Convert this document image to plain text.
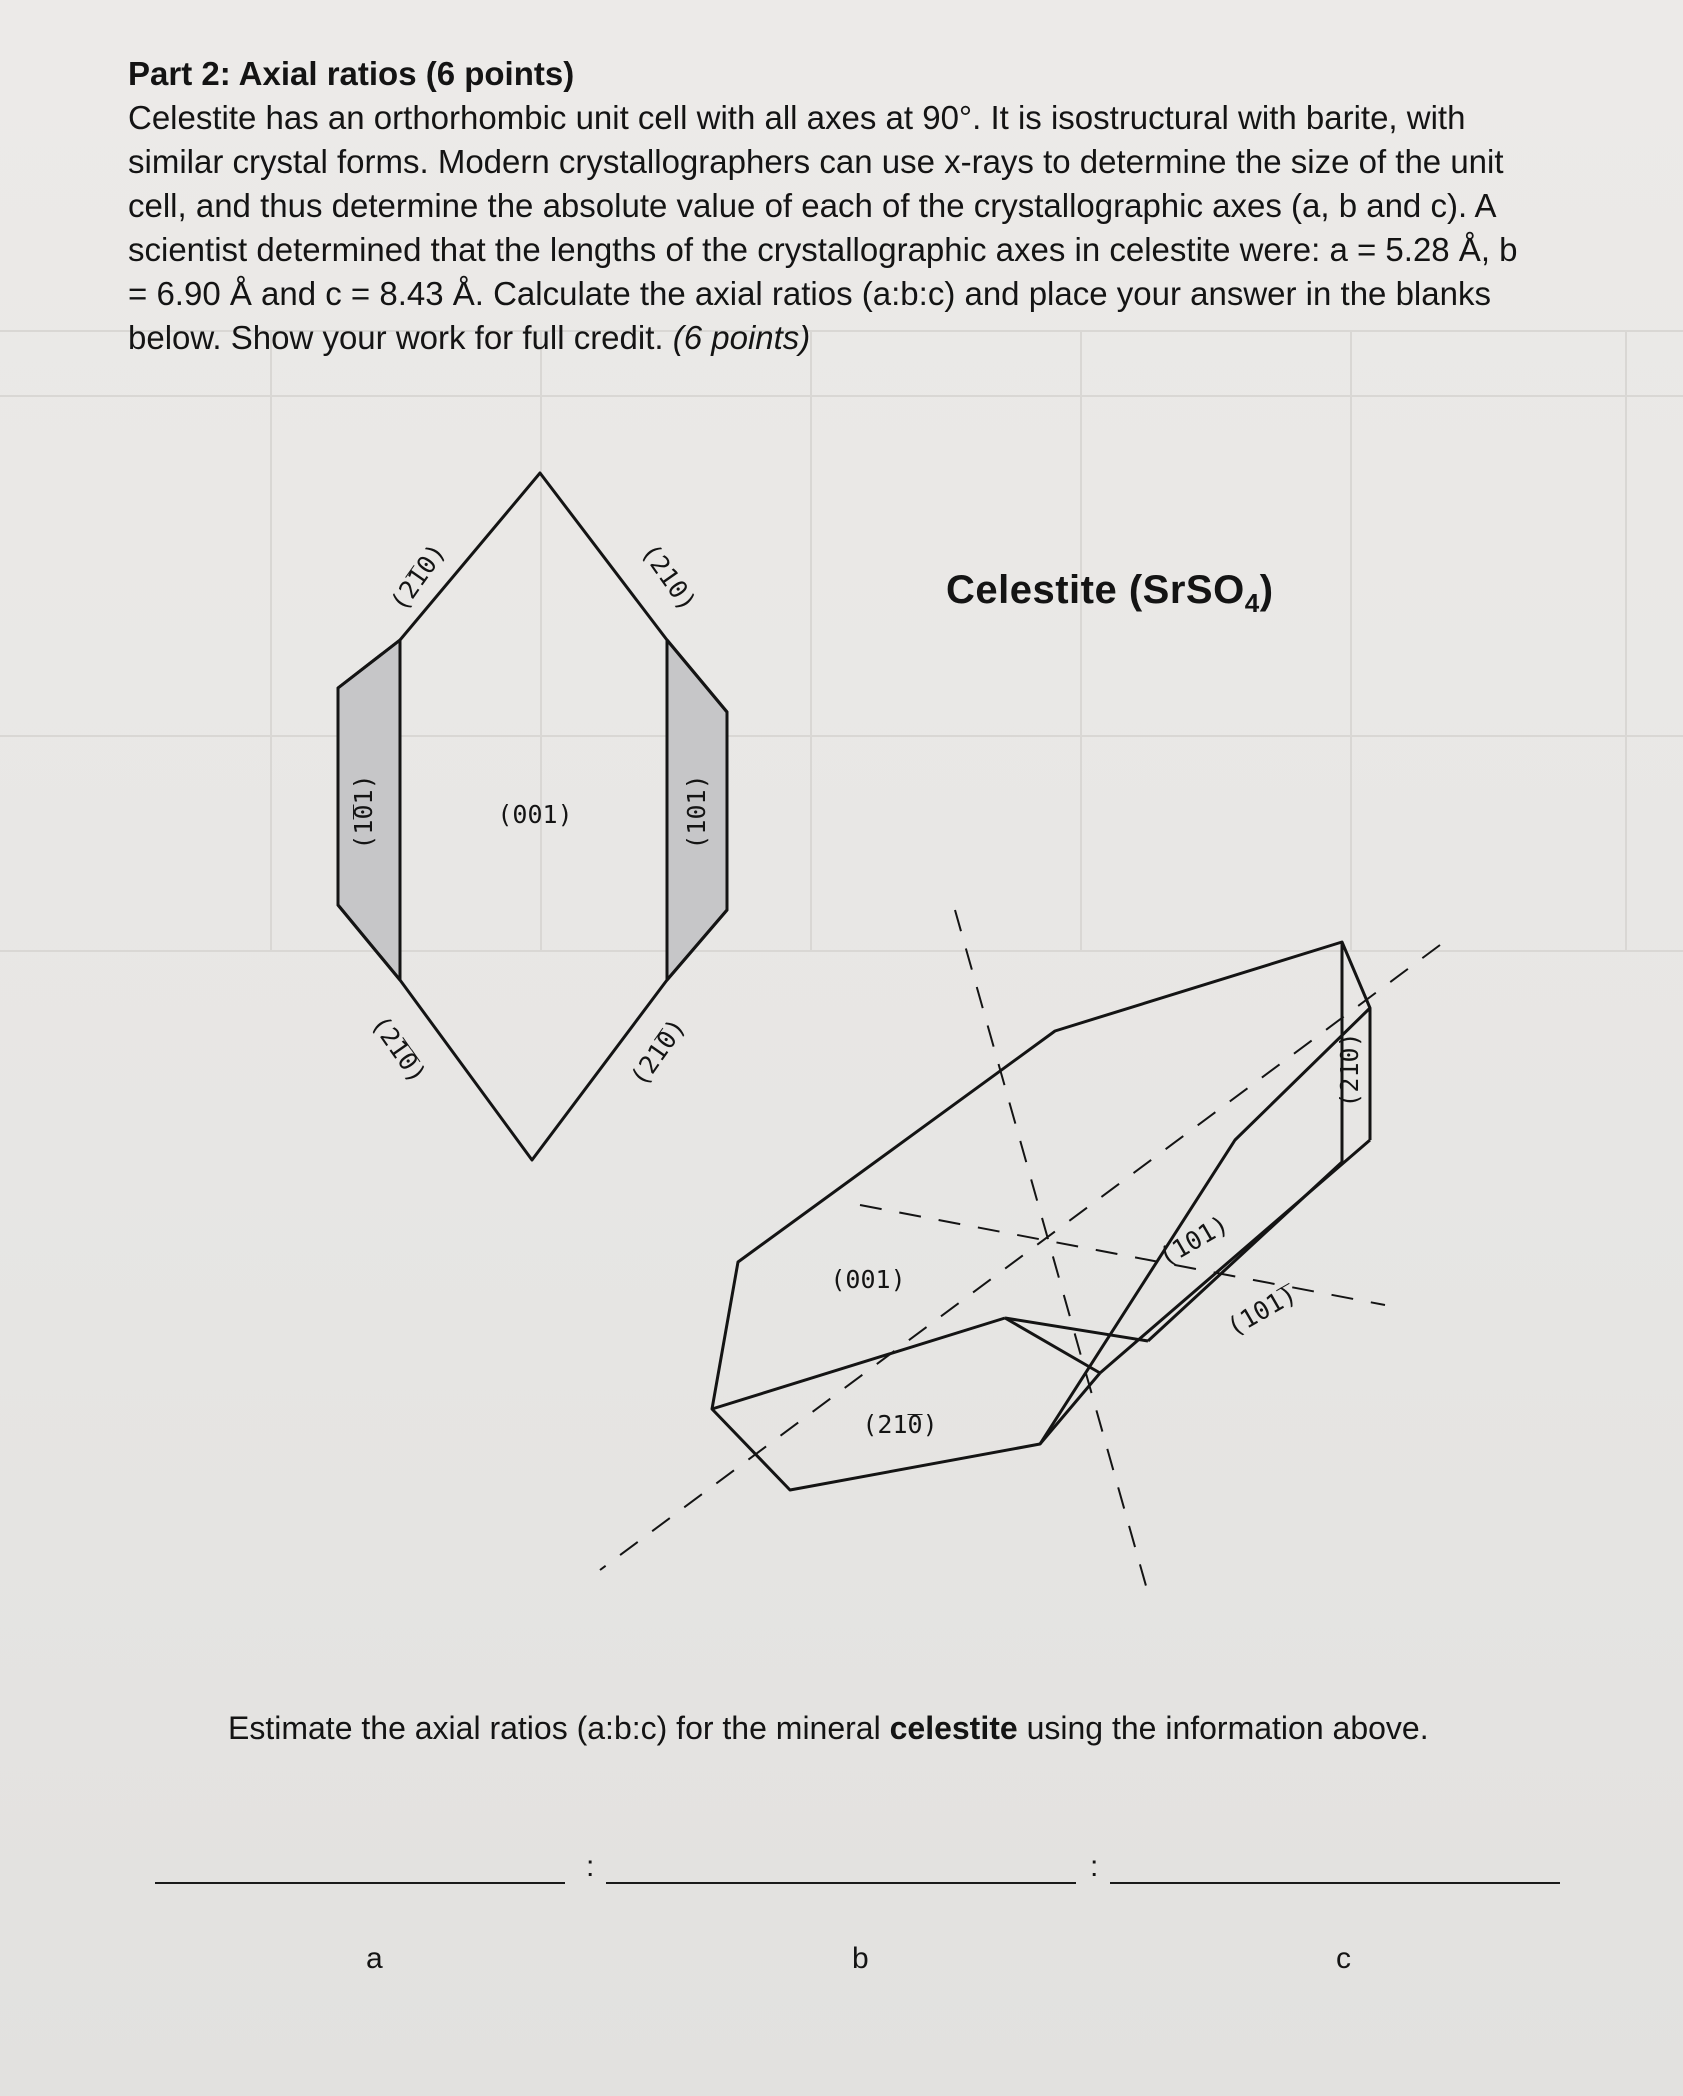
Part 2: Axial ratios (6 points)

Celestite has an orthorhombic unit cell with all axes at 90°. It is isostructural with barite, with
similar crystal forms. Modern crystallographers can use x-rays to determine the size of the unit
cell, and thus determine the absolute value of each of the crystallographic axes (a, b and c). A
scientist determined that the lengths of the crystallographic axes in celestite were: a = 5.28 Å, b
= 6.90 Å and c = 8.43 Å. Calculate the axial ratios (a:b:c) and place your answer in the blanks
below. Show your work for full credit. (6 points)

(2̅10)	(210)
(1̅01)	(001)	(101)
(2̅1̅0)	(21̅0)
(001)
(21̅0)
(210)
(101)
(101̅)
Celestite (SrSO$_4$)
Estimate the axial ratios (a:b:c) for the mineral celestite using the information above.
:	:
a	b	c
